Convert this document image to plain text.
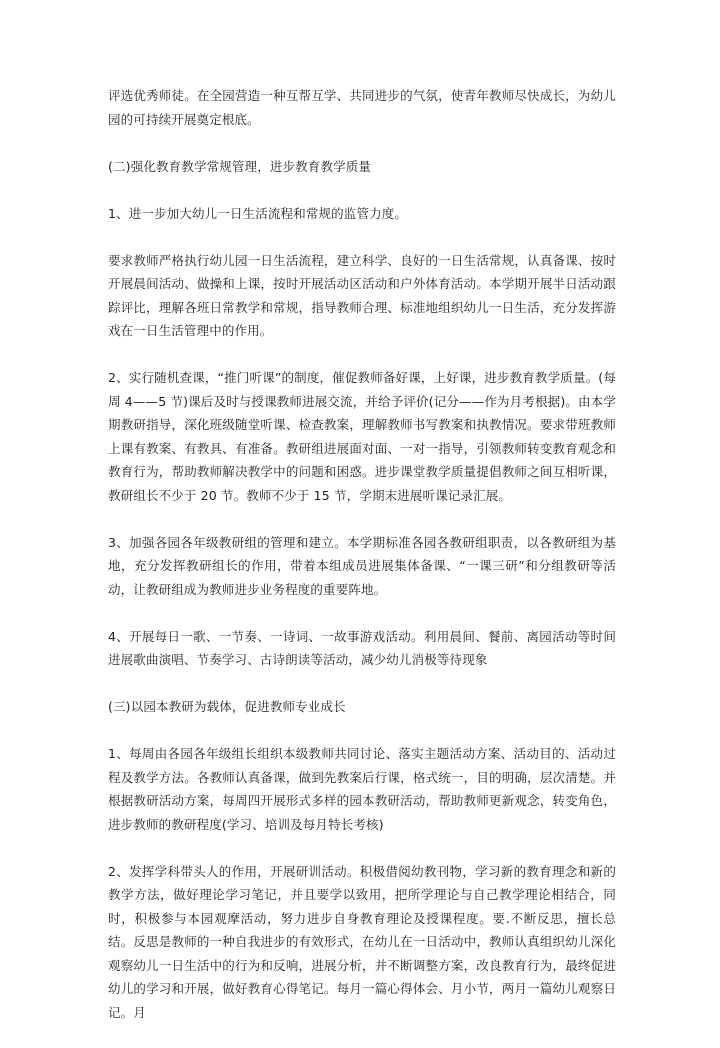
评选优秀师徒。在全园营造一种互帮互学、共同进步的气氛，使青年教师尽快成长，为幼儿园的可持续开展奠定根底。

(二)强化教育教学常规管理，进步教育教学质量

1、进一步加大幼儿一日生活流程和常规的监管力度。

要求教师严格执行幼儿园一日生活流程，建立科学、良好的一日生活常规，认真备课、按时开展晨间活动、做操和上课，按时开展活动区活动和户外体育活动。本学期开展半日活动跟踪评比，理解各班日常教学和常规，指导教师合理、标准地组织幼儿一日生活，充分发挥游戏在一日生活管理中的作用。

2、实行随机查课，“推门听课”的制度，催促教师备好课，上好课，进步教育教学质量。(每周 4——5 节)课后及时与授课教师进展交流，并给予评价(记分——作为月考根据)。由本学期教研指导，深化班级随堂听课、检查教案，理解教师书写教案和执教情况。要求带班教师上课有教案、有教具、有准备。教研组进展面对面、一对一指导，引领教师转变教育观念和教育行为，帮助教师解决教学中的问题和困惑。进步课堂教学质量提倡教师之间互相听课，教研组长不少于 20 节。教师不少于 15 节，学期末进展听课记录汇展。

3、加强各园各年级教研组的管理和建立。本学期标准各园各教研组职责，以各教研组为基地，充分发挥教研组长的作用，带着本组成员进展集体备课、“一课三研”和分组教研等活动，让教研组成为教师进步业务程度的重要阵地。

4、开展每日一歌、一节奏、一诗词、一故事游戏活动。利用晨间、餐前、离园活动等时间进展歌曲演唱、节奏学习、古诗朗读等活动，减少幼儿消极等待现象

(三)以园本教研为载体，促进教师专业成长

1、每周由各园各年级组长组织本级教师共同讨论、落实主题活动方案、活动目的、活动过程及教学方法。各教师认真备课，做到先教案后行课，格式统一，目的明确，层次清楚。并根据教研活动方案，每周四开展形式多样的园本教研活动，帮助教师更新观念，转变角色，进步教师的教研程度(学习、培训及每月特长考核)

2、发挥学科带头人的作用，开展研训活动。积极借阅幼教刊物，学习新的教育理念和新的教学方法，做好理论学习笔记，并且要学以致用，把所学理论与自己教学理论相结合，同时，积极参与本园观摩活动，努力进步自身教育理论及授课程度。要.不断反思，擅长总结。反思是教师的一种自我进步的有效形式，在幼儿在一日活动中，教师认真组织幼儿深化观察幼儿一日生活中的行为和反响，进展分析，并不断调整方案，改良教育行为，最终促进幼儿的学习和开展，做好教育心得笔记。每月一篇心得体会、月小节，两月一篇幼儿观察日记。月
